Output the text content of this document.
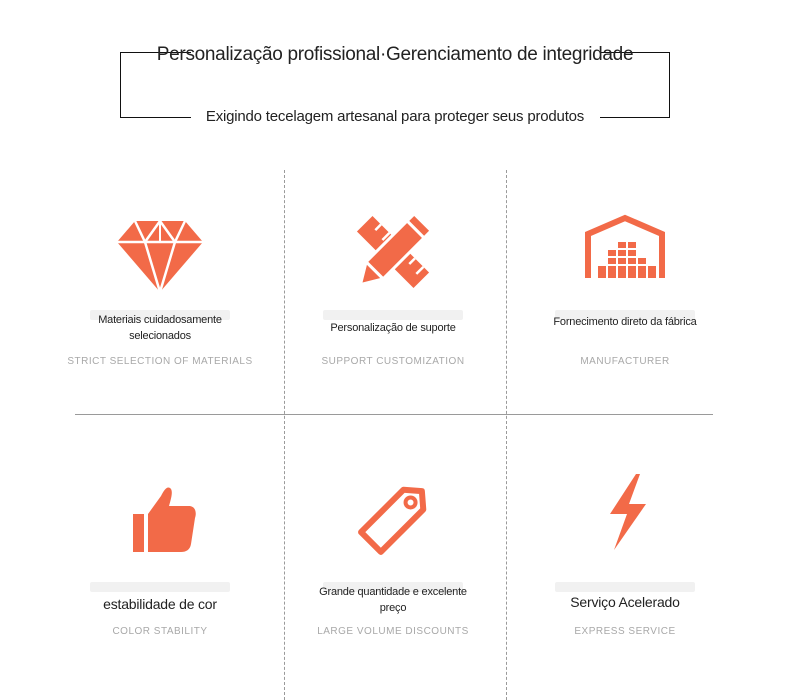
Personalização profissional·Gerenciamento de integridade
Exigindo tecelagem artesanal para proteger seus produtos
Materiais cuidadosamente selecionados
STRICT SELECTION OF MATERIALS
Personalização de suporte
SUPPORT CUSTOMIZATION
Fornecimento direto da fábrica
MANUFACTURER
estabilidade de cor
COLOR STABILITY
Grande quantidade e excelente preço
LARGE VOLUME DISCOUNTS
Serviço Acelerado
EXPRESS SERVICE
